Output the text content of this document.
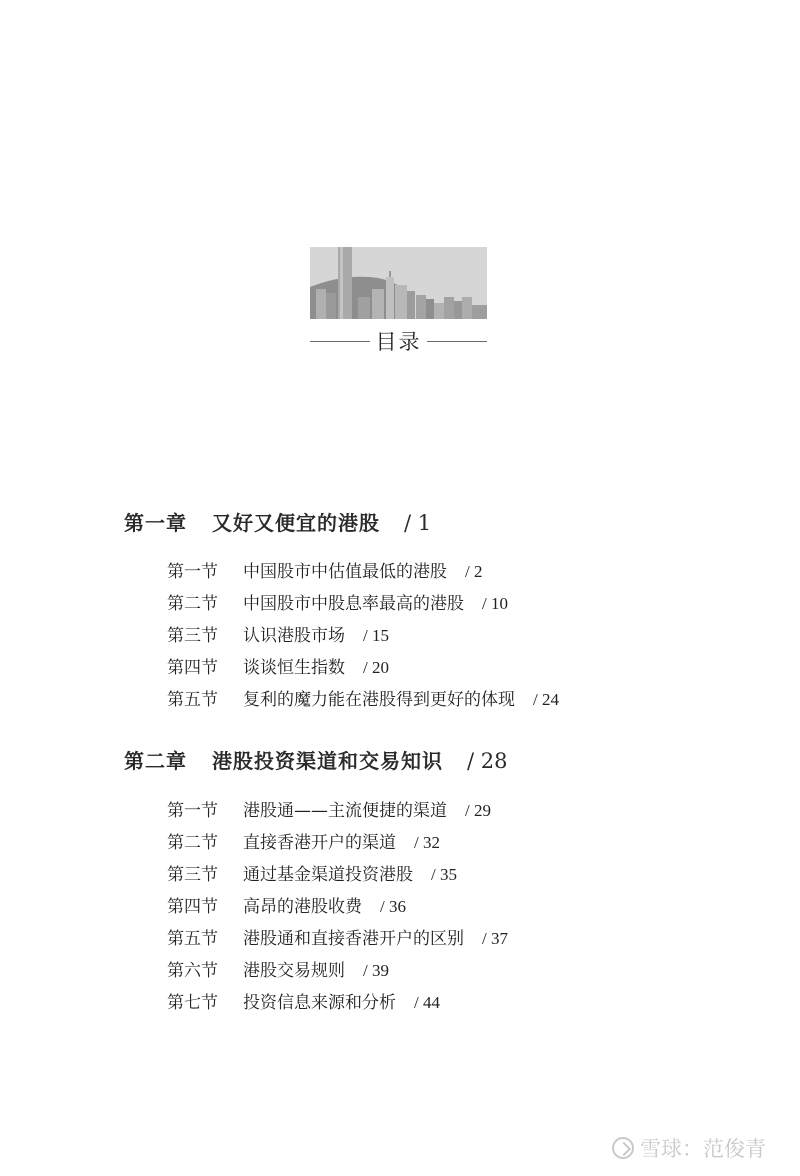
目录
第一章	又好又便宜的港股 / 1
第一节	中国股市中估值最低的港股 / 2
第二节	中国股市中股息率最高的港股 / 10
第三节	认识港股市场 / 15
第四节	谈谈恒生指数 / 20
第五节	复利的魔力能在港股得到更好的体现 / 24
第二章	港股投资渠道和交易知识 / 28
第一节	港股通——主流便捷的渠道 / 29
第二节	直接香港开户的渠道 / 32
第三节	通过基金渠道投资港股 / 35
第四节	高昂的港股收费 / 36
第五节	港股通和直接香港开户的区别 / 37
第六节	港股交易规则 / 39
第七节	投资信息来源和分析 / 44
雪球：范俊青
